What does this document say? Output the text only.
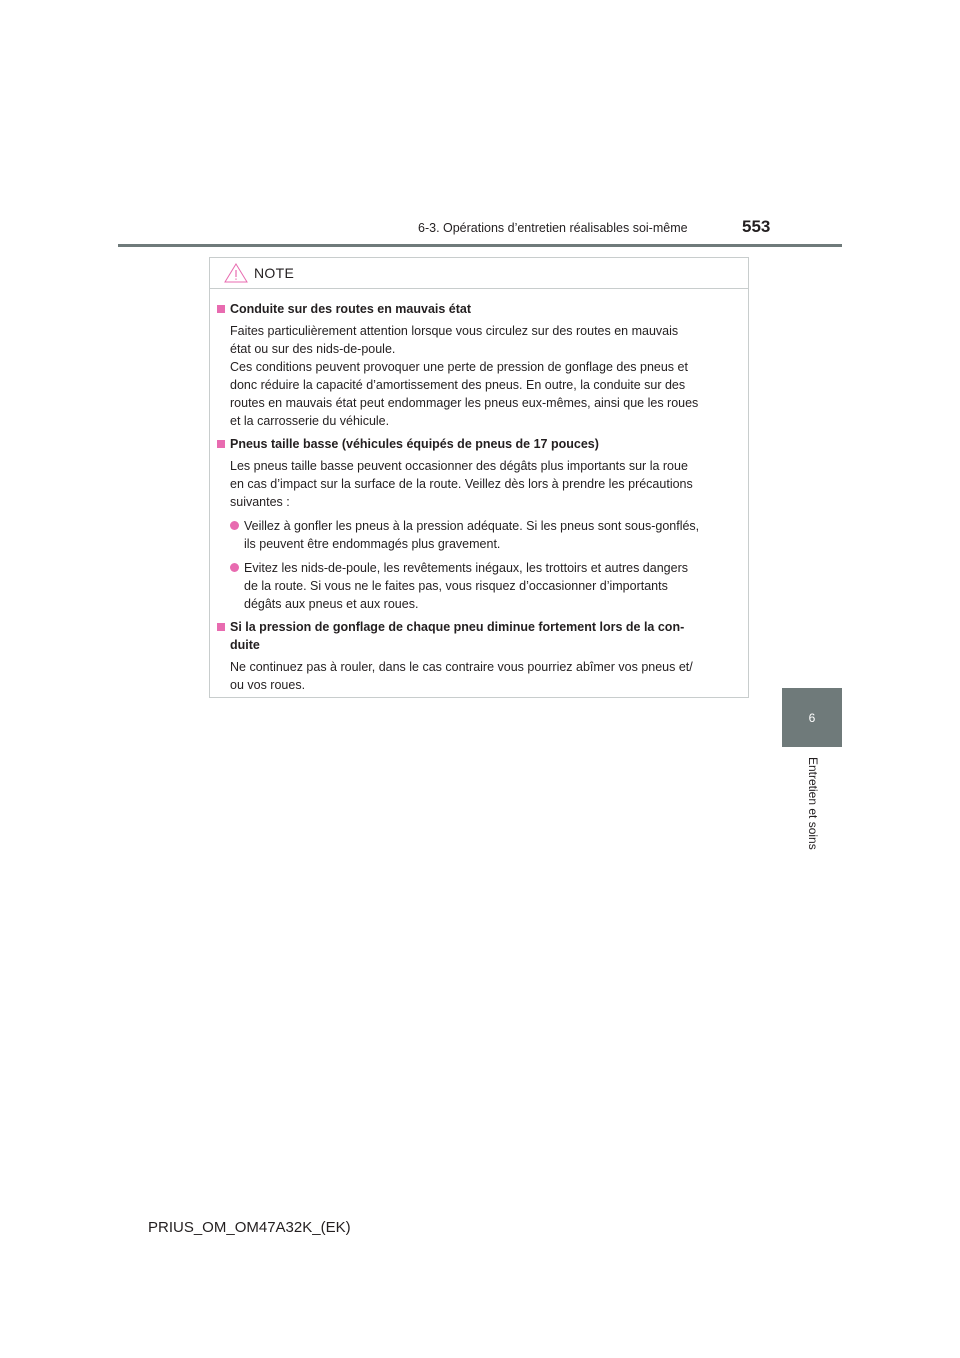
6-3. Opérations d’entretien réalisables soi-même	553
6
Entretien et soins
NOTE
Conduite sur des routes en mauvais état
Faites particulièrement attention lorsque vous circulez sur des routes en mauvais
état ou sur des nids-de-poule.
Ces conditions peuvent provoquer une perte de pression de gonflage des pneus et
donc réduire la capacité d’amortissement des pneus. En outre, la conduite sur des
routes en mauvais état peut endommager les pneus eux-mêmes, ainsi que les roues
et la carrosserie du véhicule.
Pneus taille basse (véhicules équipés de pneus de 17 pouces)
Les pneus taille basse peuvent occasionner des dégâts plus importants sur la roue
en cas d’impact sur la surface de la route. Veillez dès lors à prendre les précautions
suivantes :
Veillez à gonfler les pneus à la pression adéquate. Si les pneus sont sous-gonflés,
ils peuvent être endommagés plus gravement.
Evitez les nids-de-poule, les revêtements inégaux, les trottoirs et autres dangers
de la route. Si vous ne le faites pas, vous risquez d’occasionner d’importants
dégâts aux pneus et aux roues.
Si la pression de gonflage de chaque pneu diminue fortement lors de la con-
duite
Ne continuez pas à rouler, dans le cas contraire vous pourriez abîmer vos pneus et/
ou vos roues.
PRIUS_OM_OM47A32K_(EK)
